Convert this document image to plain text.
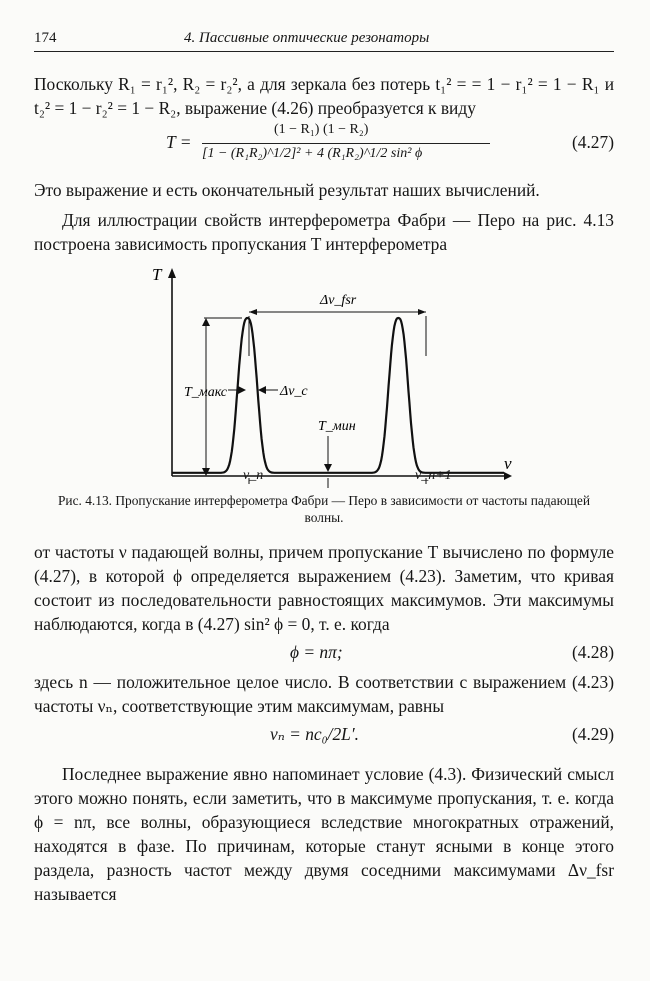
174	4. Пассивные оптические резонаторы

Поскольку R₁ = r₁², R₂ = r₂², а для зеркала без потерь t₁² = = 1 − r₁² = 1 − R₁ и t₂² = 1 − r₂² = 1 − R₂, выражение (4.26) преобразуется к виду

T =
(1 − R₁) (1 − R₂)
[1 − (R₁R₂)^1/2]² + 4 (R₁R₂)^1/2 sin² ϕ
(4.27)

Это выражение и есть окончательный результат наших вычислений.

Для иллюстрации свойств интерферометра Фабри — Перо на рис. 4.13 построена зависимость пропускания T интерферометра

T
ν
Δν_fsr
T_макс	Δν_c
T_мин
ν_n	ν_n+1
Рис. 4.13. Пропускание интерферометра Фабри — Перо в зависимости от частоты падающей волны.

от частоты ν падающей волны, причем пропускание T вычислено по формуле (4.27), в которой ϕ определяется выражением (4.23). Заметим, что кривая состоит из последовательности равностоящих максимумов. Эти максимумы наблюдаются, когда в (4.27) sin² ϕ = 0, т. е. когда

ϕ = nπ;	(4.28)

здесь n — положительное целое число. В соответствии с выражением (4.23) частоты νₙ, соответствующие этим максимумам, равны

νₙ = nc₀/2L′.	(4.29)

Последнее выражение явно напоминает условие (4.3). Физический смысл этого можно понять, если заметить, что в максимуме пропускания, т. е. когда ϕ = nπ, все волны, образующиеся вследствие многократных отражений, находятся в фазе. По причинам, которые станут ясными в конце этого раздела, разность частот между двумя соседними максимумами Δν_fsr называется
